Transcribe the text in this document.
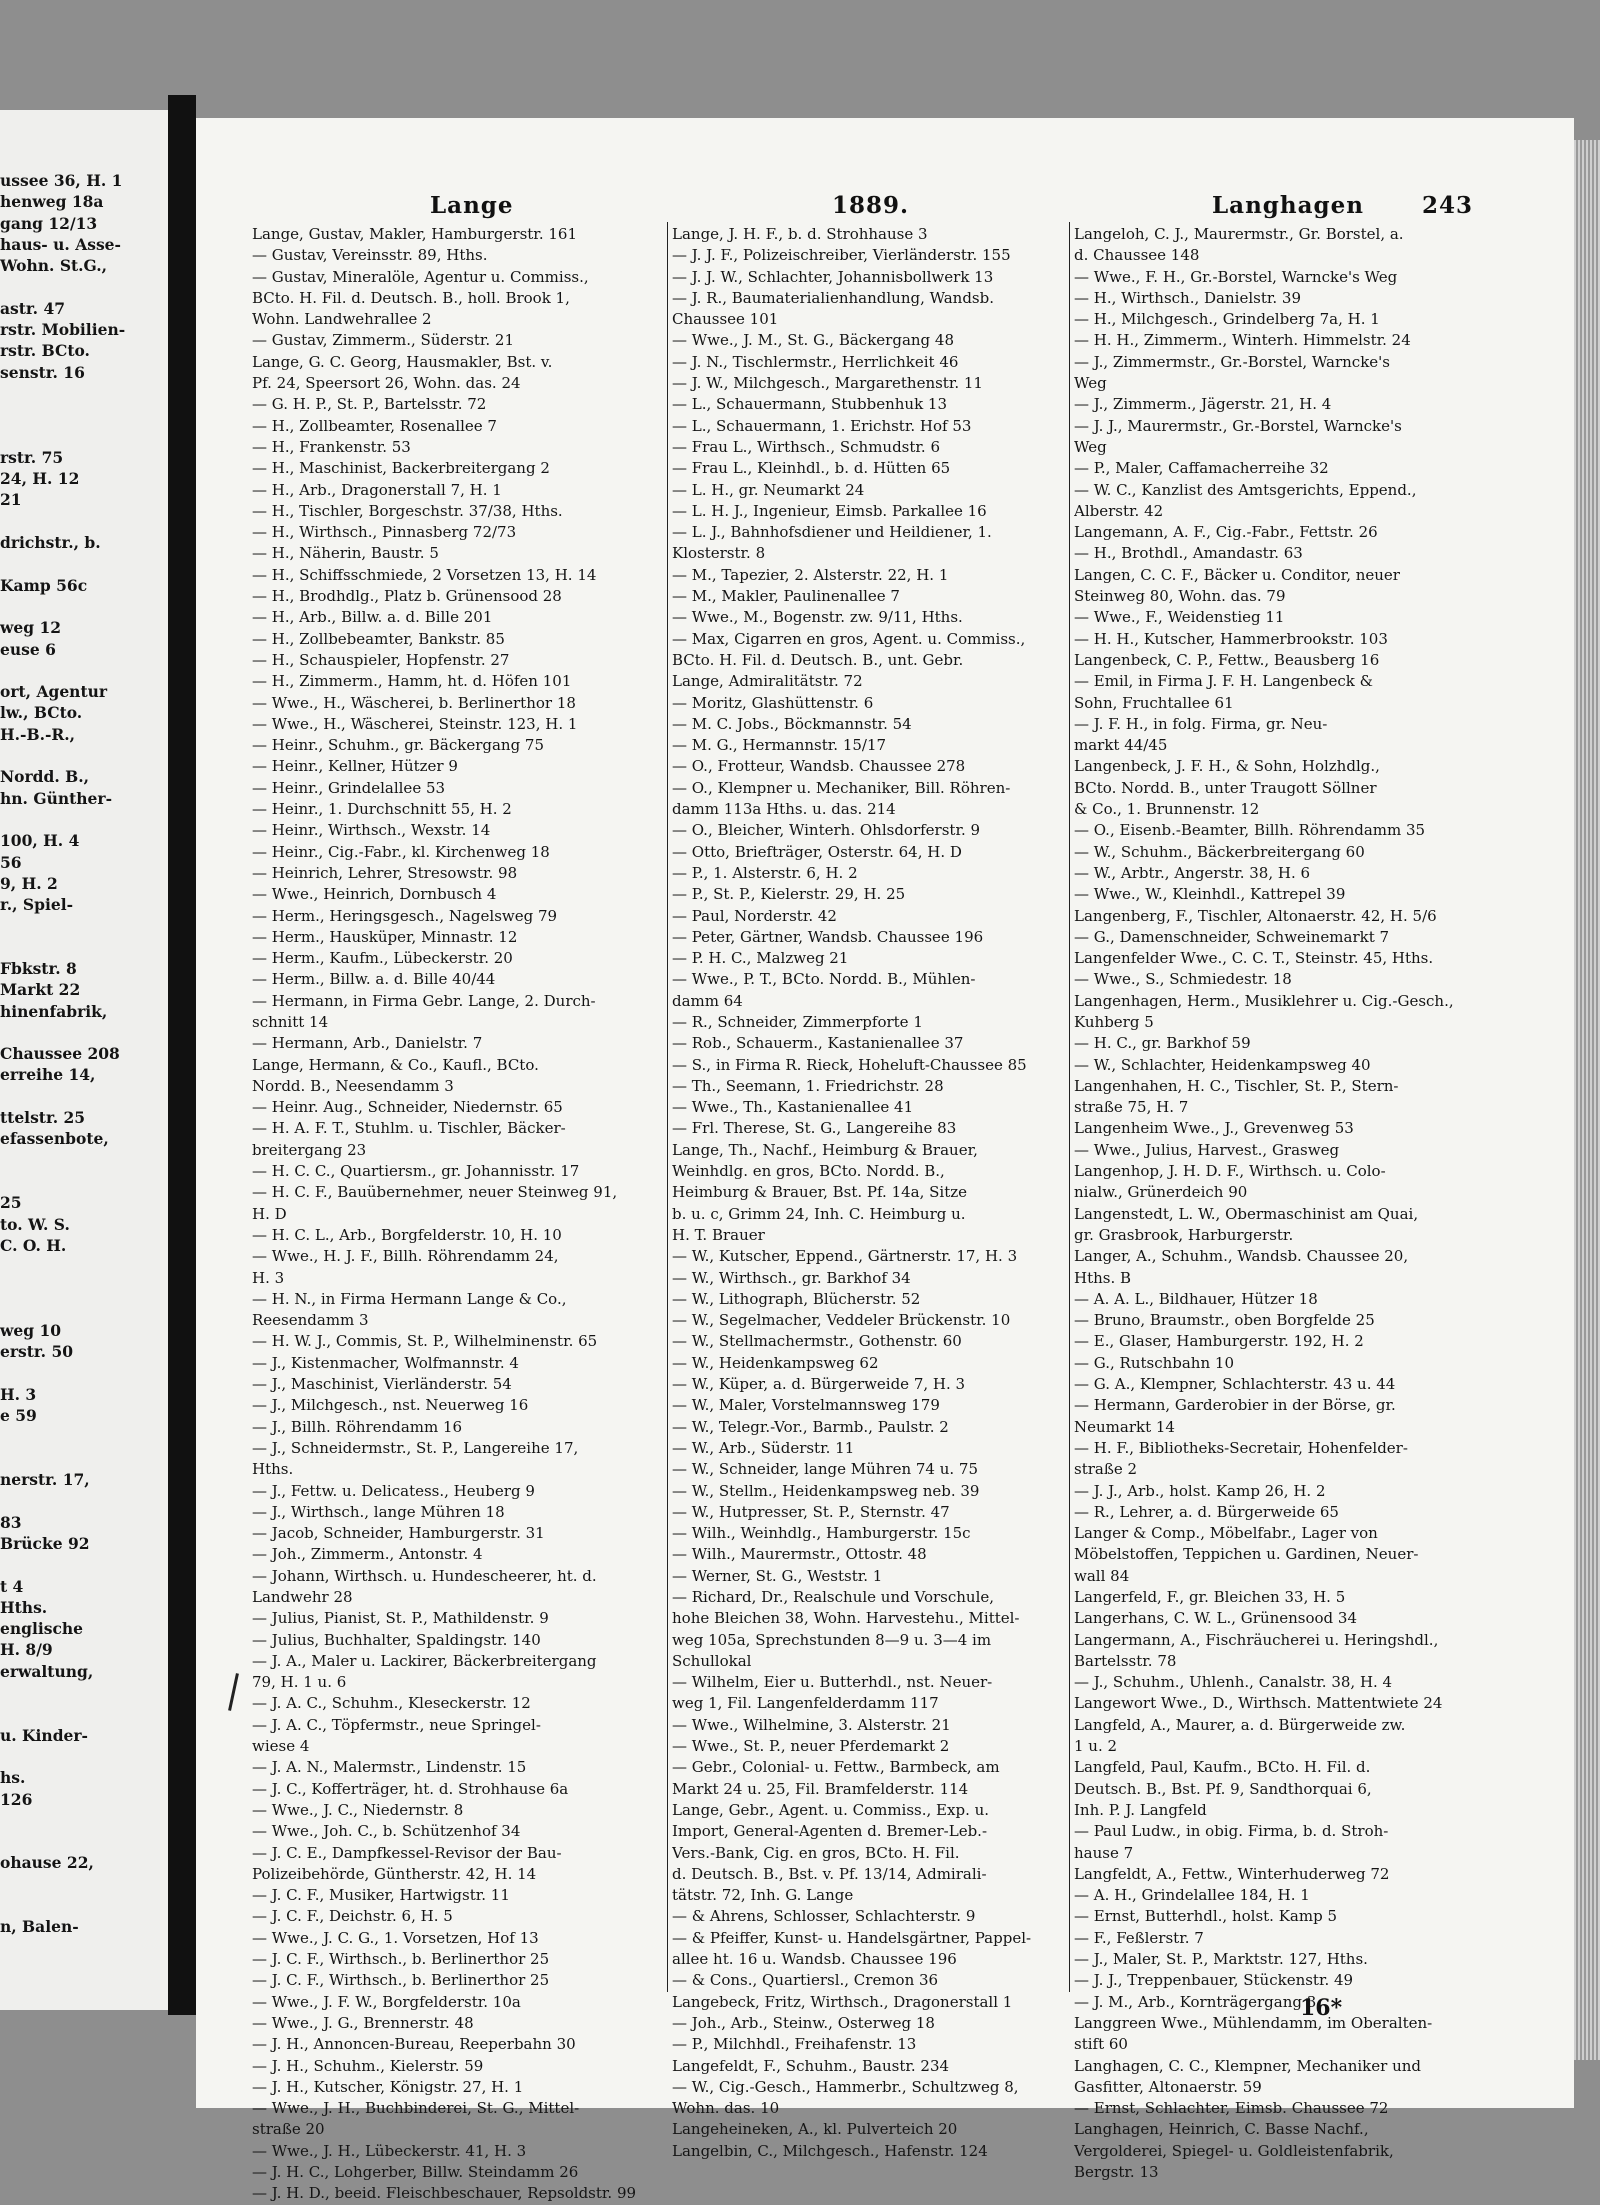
ussee 36, H. 1
henweg 18a
gang 12/13
haus- u. Asse-
Wohn. St.G.,
astr. 47
rstr. Mobilien-
rstr. BCto.
senstr. 16
rstr. 75
24, H. 12
21
drichstr., b.
Kamp 56c
weg 12
euse 6
ort, Agentur
lw., BCto.
H.-B.-R.,
Nordd. B.,
hn. Günther-
100, H. 4
56
9, H. 2
r., Spiel-
Fbkstr. 8
Markt 22
hinenfabrik,
Chaussee 208
erreihe 14,
ttelstr. 25
efassenbote,
25
to. W. S.
C. O. H.
weg 10
erstr. 50
H. 3
e 59
nerstr. 17,
83
Brücke 92
t 4
Hths.
englische
H. 8/9
erwaltung,
u. Kinder-
hs.
126
ohause 22,
n, Balen-
Lange	1889.	Langhagen	243
Lange, Gustav, Makler, Hamburgerstr. 161
— Gustav, Vereinsstr. 89, Hths.
— Gustav, Mineralöle, Agentur u. Commiss.,
BCto. H. Fil. d. Deutsch. B., holl. Brook 1,
Wohn. Landwehrallee 2
— Gustav, Zimmerm., Süderstr. 21
Lange, G. C. Georg, Hausmakler, Bst. v.
Pf. 24, Speersort 26, Wohn. das. 24
— G. H. P., St. P., Bartelsstr. 72
— H., Zollbeamter, Rosenallee 7
— H., Frankenstr. 53
— H., Maschinist, Backerbreitergang 2
— H., Arb., Dragonerstall 7, H. 1
— H., Tischler, Borgeschstr. 37/38, Hths.
— H., Wirthsch., Pinnasberg 72/73
— H., Näherin, Baustr. 5
— H., Schiffsschmiede, 2 Vorsetzen 13, H. 14
— H., Brodhdlg., Platz b. Grünensood 28
— H., Arb., Billw. a. d. Bille 201
— H., Zollbebeamter, Bankstr. 85
— H., Schauspieler, Hopfenstr. 27
— H., Zimmerm., Hamm, ht. d. Höfen 101
— Wwe., H., Wäscherei, b. Berlinerthor 18
— Wwe., H., Wäscherei, Steinstr. 123, H. 1
— Heinr., Schuhm., gr. Bäckergang 75
— Heinr., Kellner, Hützer 9
— Heinr., Grindelallee 53
— Heinr., 1. Durchschnitt 55, H. 2
— Heinr., Wirthsch., Wexstr. 14
— Heinr., Cig.-Fabr., kl. Kirchenweg 18
— Heinrich, Lehrer, Stresowstr. 98
— Wwe., Heinrich, Dornbusch 4
— Herm., Heringsgesch., Nagelsweg 79
— Herm., Hausküper, Minnastr. 12
— Herm., Kaufm., Lübeckerstr. 20
— Herm., Billw. a. d. Bille 40/44
— Hermann, in Firma Gebr. Lange, 2. Durch-
schnitt 14
— Hermann, Arb., Danielstr. 7
Lange, Hermann, & Co., Kaufl., BCto.
Nordd. B., Neesendamm 3
— Heinr. Aug., Schneider, Niedernstr. 65
— H. A. F. T., Stuhlm. u. Tischler, Bäcker-
breitergang 23
— H. C. C., Quartiersm., gr. Johannisstr. 17
— H. C. F., Bauübernehmer, neuer Steinweg 91,
H. D
— H. C. L., Arb., Borgfelderstr. 10, H. 10
— Wwe., H. J. F., Billh. Röhrendamm 24,
H. 3
— H. N., in Firma Hermann Lange & Co.,
Reesendamm 3
— H. W. J., Commis, St. P., Wilhelminenstr. 65
— J., Kistenmacher, Wolfmannstr. 4
— J., Maschinist, Vierländerstr. 54
— J., Milchgesch., nst. Neuerweg 16
— J., Billh. Röhrendamm 16
— J., Schneidermstr., St. P., Langereihe 17,
Hths.
— J., Fettw. u. Delicatess., Heuberg 9
— J., Wirthsch., lange Mühren 18
— Jacob, Schneider, Hamburgerstr. 31
— Joh., Zimmerm., Antonstr. 4
— Johann, Wirthsch. u. Hundescheerer, ht. d.
Landwehr 28
— Julius, Pianist, St. P., Mathildenstr. 9
— Julius, Buchhalter, Spaldingstr. 140
— J. A., Maler u. Lackirer, Bäckerbreitergang
79, H. 1 u. 6
— J. A. C., Schuhm., Kleseckerstr. 12
— J. A. C., Töpfermstr., neue Springel-
wiese 4
— J. A. N., Malermstr., Lindenstr. 15
— J. C., Kofferträger, ht. d. Strohhause 6a
— Wwe., J. C., Niedernstr. 8
— Wwe., Joh. C., b. Schützenhof 34
— J. C. E., Dampfkessel-Revisor der Bau-
Polizeibehörde, Güntherstr. 42, H. 14
— J. C. F., Musiker, Hartwigstr. 11
— J. C. F., Deichstr. 6, H. 5
— Wwe., J. C. G., 1. Vorsetzen, Hof 13
— J. C. F., Wirthsch., b. Berlinerthor 25
— J. C. F., Wirthsch., b. Berlinerthor 25
— Wwe., J. F. W., Borgfelderstr. 10a
— Wwe., J. G., Brennerstr. 48
— J. H., Annoncen-Bureau, Reeperbahn 30
— J. H., Schuhm., Kielerstr. 59
— J. H., Kutscher, Königstr. 27, H. 1
— Wwe., J. H., Buchbinderei, St. G., Mittel-
straße 20
— Wwe., J. H., Lübeckerstr. 41, H. 3
— J. H. C., Lohgerber, Billw. Steindamm 26
— J. H. D., beeid. Fleischbeschauer, Repsoldstr. 99
Lange, J. H. F., b. d. Strohhause 3
— J. J. F., Polizeischreiber, Vierländerstr. 155
— J. J. W., Schlachter, Johannisbollwerk 13
— J. R., Baumaterialienhandlung, Wandsb.
Chaussee 101
— Wwe., J. M., St. G., Bäckergang 48
— J. N., Tischlermstr., Herrlichkeit 46
— J. W., Milchgesch., Margarethenstr. 11
— L., Schauermann, Stubbenhuk 13
— L., Schauermann, 1. Erichstr. Hof 53
— Frau L., Wirthsch., Schmudstr. 6
— Frau L., Kleinhdl., b. d. Hütten 65
— L. H., gr. Neumarkt 24
— L. H. J., Ingenieur, Eimsb. Parkallee 16
— L. J., Bahnhofsdiener und Heildiener, 1.
Klosterstr. 8
— M., Tapezier, 2. Alsterstr. 22, H. 1
— M., Makler, Paulinenallee 7
— Wwe., M., Bogenstr. zw. 9/11, Hths.
— Max, Cigarren en gros, Agent. u. Commiss.,
BCto. H. Fil. d. Deutsch. B., unt. Gebr.
Lange, Admiralitätstr. 72
— Moritz, Glashüttenstr. 6
— M. C. Jobs., Böckmannstr. 54
— M. G., Hermannstr. 15/17
— O., Frotteur, Wandsb. Chaussee 278
— O., Klempner u. Mechaniker, Bill. Röhren-
damm 113a Hths. u. das. 214
— O., Bleicher, Winterh. Ohlsdorferstr. 9
— Otto, Briefträger, Osterstr. 64, H. D
— P., 1. Alsterstr. 6, H. 2
— P., St. P., Kielerstr. 29, H. 25
— Paul, Norderstr. 42
— Peter, Gärtner, Wandsb. Chaussee 196
— P. H. C., Malzweg 21
— Wwe., P. T., BCto. Nordd. B., Mühlen-
damm 64
— R., Schneider, Zimmerpforte 1
— Rob., Schauerm., Kastanienallee 37
— S., in Firma R. Rieck, Hoheluft-Chaussee 85
— Th., Seemann, 1. Friedrichstr. 28
— Wwe., Th., Kastanienallee 41
— Frl. Therese, St. G., Langereihe 83
Lange, Th., Nachf., Heimburg & Brauer,
Weinhdlg. en gros, BCto. Nordd. B.,
Heimburg & Brauer, Bst. Pf. 14a, Sitze
b. u. c, Grimm 24, Inh. C. Heimburg u.
H. T. Brauer
— W., Kutscher, Eppend., Gärtnerstr. 17, H. 3
— W., Wirthsch., gr. Barkhof 34
— W., Lithograph, Blücherstr. 52
— W., Segelmacher, Veddeler Brückenstr. 10
— W., Stellmachermstr., Gothenstr. 60
— W., Heidenkampsweg 62
— W., Küper, a. d. Bürgerweide 7, H. 3
— W., Maler, Vorstelmannsweg 179
— W., Telegr.-Vor., Barmb., Paulstr. 2
— W., Arb., Süderstr. 11
— W., Schneider, lange Mühren 74 u. 75
— W., Stellm., Heidenkampsweg neb. 39
— W., Hutpresser, St. P., Sternstr. 47
— Wilh., Weinhdlg., Hamburgerstr. 15c
— Wilh., Maurermstr., Ottostr. 48
— Werner, St. G., Weststr. 1
— Richard, Dr., Realschule und Vorschule,
hohe Bleichen 38, Wohn. Harvestehu., Mittel-
weg 105a, Sprechstunden 8—9 u. 3—4 im
Schullokal
— Wilhelm, Eier u. Butterhdl., nst. Neuer-
weg 1, Fil. Langenfelderdamm 117
— Wwe., Wilhelmine, 3. Alsterstr. 21
— Wwe., St. P., neuer Pferdemarkt 2
— Gebr., Colonial- u. Fettw., Barmbeck, am
Markt 24 u. 25, Fil. Bramfelderstr. 114
Lange, Gebr., Agent. u. Commiss., Exp. u.
Import, General-Agenten d. Bremer-Leb.-
Vers.-Bank, Cig. en gros, BCto. H. Fil.
d. Deutsch. B., Bst. v. Pf. 13/14, Admirali-
tätstr. 72, Inh. G. Lange
— & Ahrens, Schlosser, Schlachterstr. 9
— & Pfeiffer, Kunst- u. Handelsgärtner, Pappel-
allee ht. 16 u. Wandsb. Chaussee 196
— & Cons., Quartiersl., Cremon 36
Langebeck, Fritz, Wirthsch., Dragonerstall 1
— Joh., Arb., Steinw., Osterweg 18
— P., Milchhdl., Freihafenstr. 13
Langefeldt, F., Schuhm., Baustr. 234
— W., Cig.-Gesch., Hammerbr., Schultzweg 8,
Wohn. das. 10
Langeheineken, A., kl. Pulverteich 20
Langelbin, C., Milchgesch., Hafenstr. 124
Langeloh, C. J., Maurermstr., Gr. Borstel, a.
d. Chaussee 148
— Wwe., F. H., Gr.-Borstel, Warncke's Weg
— H., Wirthsch., Danielstr. 39
— H., Milchgesch., Grindelberg 7a, H. 1
— H. H., Zimmerm., Winterh. Himmelstr. 24
— J., Zimmermstr., Gr.-Borstel, Warncke's
Weg
— J., Zimmerm., Jägerstr. 21, H. 4
— J. J., Maurermstr., Gr.-Borstel, Warncke's
Weg
— P., Maler, Caffamacherreihe 32
— W. C., Kanzlist des Amtsgerichts, Eppend.,
Alberstr. 42
Langemann, A. F., Cig.-Fabr., Fettstr. 26
— H., Brothdl., Amandastr. 63
Langen, C. C. F., Bäcker u. Conditor, neuer
Steinweg 80, Wohn. das. 79
— Wwe., F., Weidenstieg 11
— H. H., Kutscher, Hammerbrookstr. 103
Langenbeck, C. P., Fettw., Beausberg 16
— Emil, in Firma J. F. H. Langenbeck &
Sohn, Fruchtallee 61
— J. F. H., in folg. Firma, gr. Neu-
markt 44/45
Langenbeck, J. F. H., & Sohn, Holzhdlg.,
BCto. Nordd. B., unter Traugott Söllner
& Co., 1. Brunnenstr. 12
— O., Eisenb.-Beamter, Billh. Röhrendamm 35
— W., Schuhm., Bäckerbreitergang 60
— W., Arbtr., Angerstr. 38, H. 6
— Wwe., W., Kleinhdl., Kattrepel 39
Langenberg, F., Tischler, Altonaerstr. 42, H. 5/6
— G., Damenschneider, Schweinemarkt 7
Langenfelder Wwe., C. C. T., Steinstr. 45, Hths.
— Wwe., S., Schmiedestr. 18
Langenhagen, Herm., Musiklehrer u. Cig.-Gesch.,
Kuhberg 5
— H. C., gr. Barkhof 59
— W., Schlachter, Heidenkampsweg 40
Langenhahen, H. C., Tischler, St. P., Stern-
straße 75, H. 7
Langenheim Wwe., J., Grevenweg 53
— Wwe., Julius, Harvest., Grasweg
Langenhop, J. H. D. F., Wirthsch. u. Colo-
nialw., Grünerdeich 90
Langenstedt, L. W., Obermaschinist am Quai,
gr. Grasbrook, Harburgerstr.
Langer, A., Schuhm., Wandsb. Chaussee 20,
Hths. B
— A. A. L., Bildhauer, Hützer 18
— Bruno, Braumstr., oben Borgfelde 25
— E., Glaser, Hamburgerstr. 192, H. 2
— G., Rutschbahn 10
— G. A., Klempner, Schlachterstr. 43 u. 44
— Hermann, Garderobier in der Börse, gr.
Neumarkt 14
— H. F., Bibliotheks-Secretair, Hohenfelder-
straße 2
— J. J., Arb., holst. Kamp 26, H. 2
— R., Lehrer, a. d. Bürgerweide 65
Langer & Comp., Möbelfabr., Lager von
Möbelstoffen, Teppichen u. Gardinen, Neuer-
wall 84
Langerfeld, F., gr. Bleichen 33, H. 5
Langerhans, C. W. L., Grünensood 34
Langermann, A., Fischräucherei u. Heringshdl.,
Bartelsstr. 78
— J., Schuhm., Uhlenh., Canalstr. 38, H. 4
Langewort Wwe., D., Wirthsch. Mattentwiete 24
Langfeld, A., Maurer, a. d. Bürgerweide zw.
1 u. 2
Langfeld, Paul, Kaufm., BCto. H. Fil. d.
Deutsch. B., Bst. Pf. 9, Sandthorquai 6,
Inh. P. J. Langfeld
— Paul Ludw., in obig. Firma, b. d. Stroh-
hause 7
Langfeldt, A., Fettw., Winterhuderweg 72
— A. H., Grindelallee 184, H. 1
— Ernst, Butterhdl., holst. Kamp 5
— F., Feßlerstr. 7
— J., Maler, St. P., Marktstr. 127, Hths.
— J. J., Treppenbauer, Stückenstr. 49
— J. M., Arb., Kornträgergang 3
Langgreen Wwe., Mühlendamm, im Oberalten-
stift 60
Langhagen, C. C., Klempner, Mechaniker und
Gasfitter, Altonaerstr. 59
— Ernst, Schlachter, Eimsb. Chaussee 72
Langhagen, Heinrich, C. Basse Nachf.,
Vergolderei, Spiegel- u. Goldleistenfabrik,
Bergstr. 13
16*
